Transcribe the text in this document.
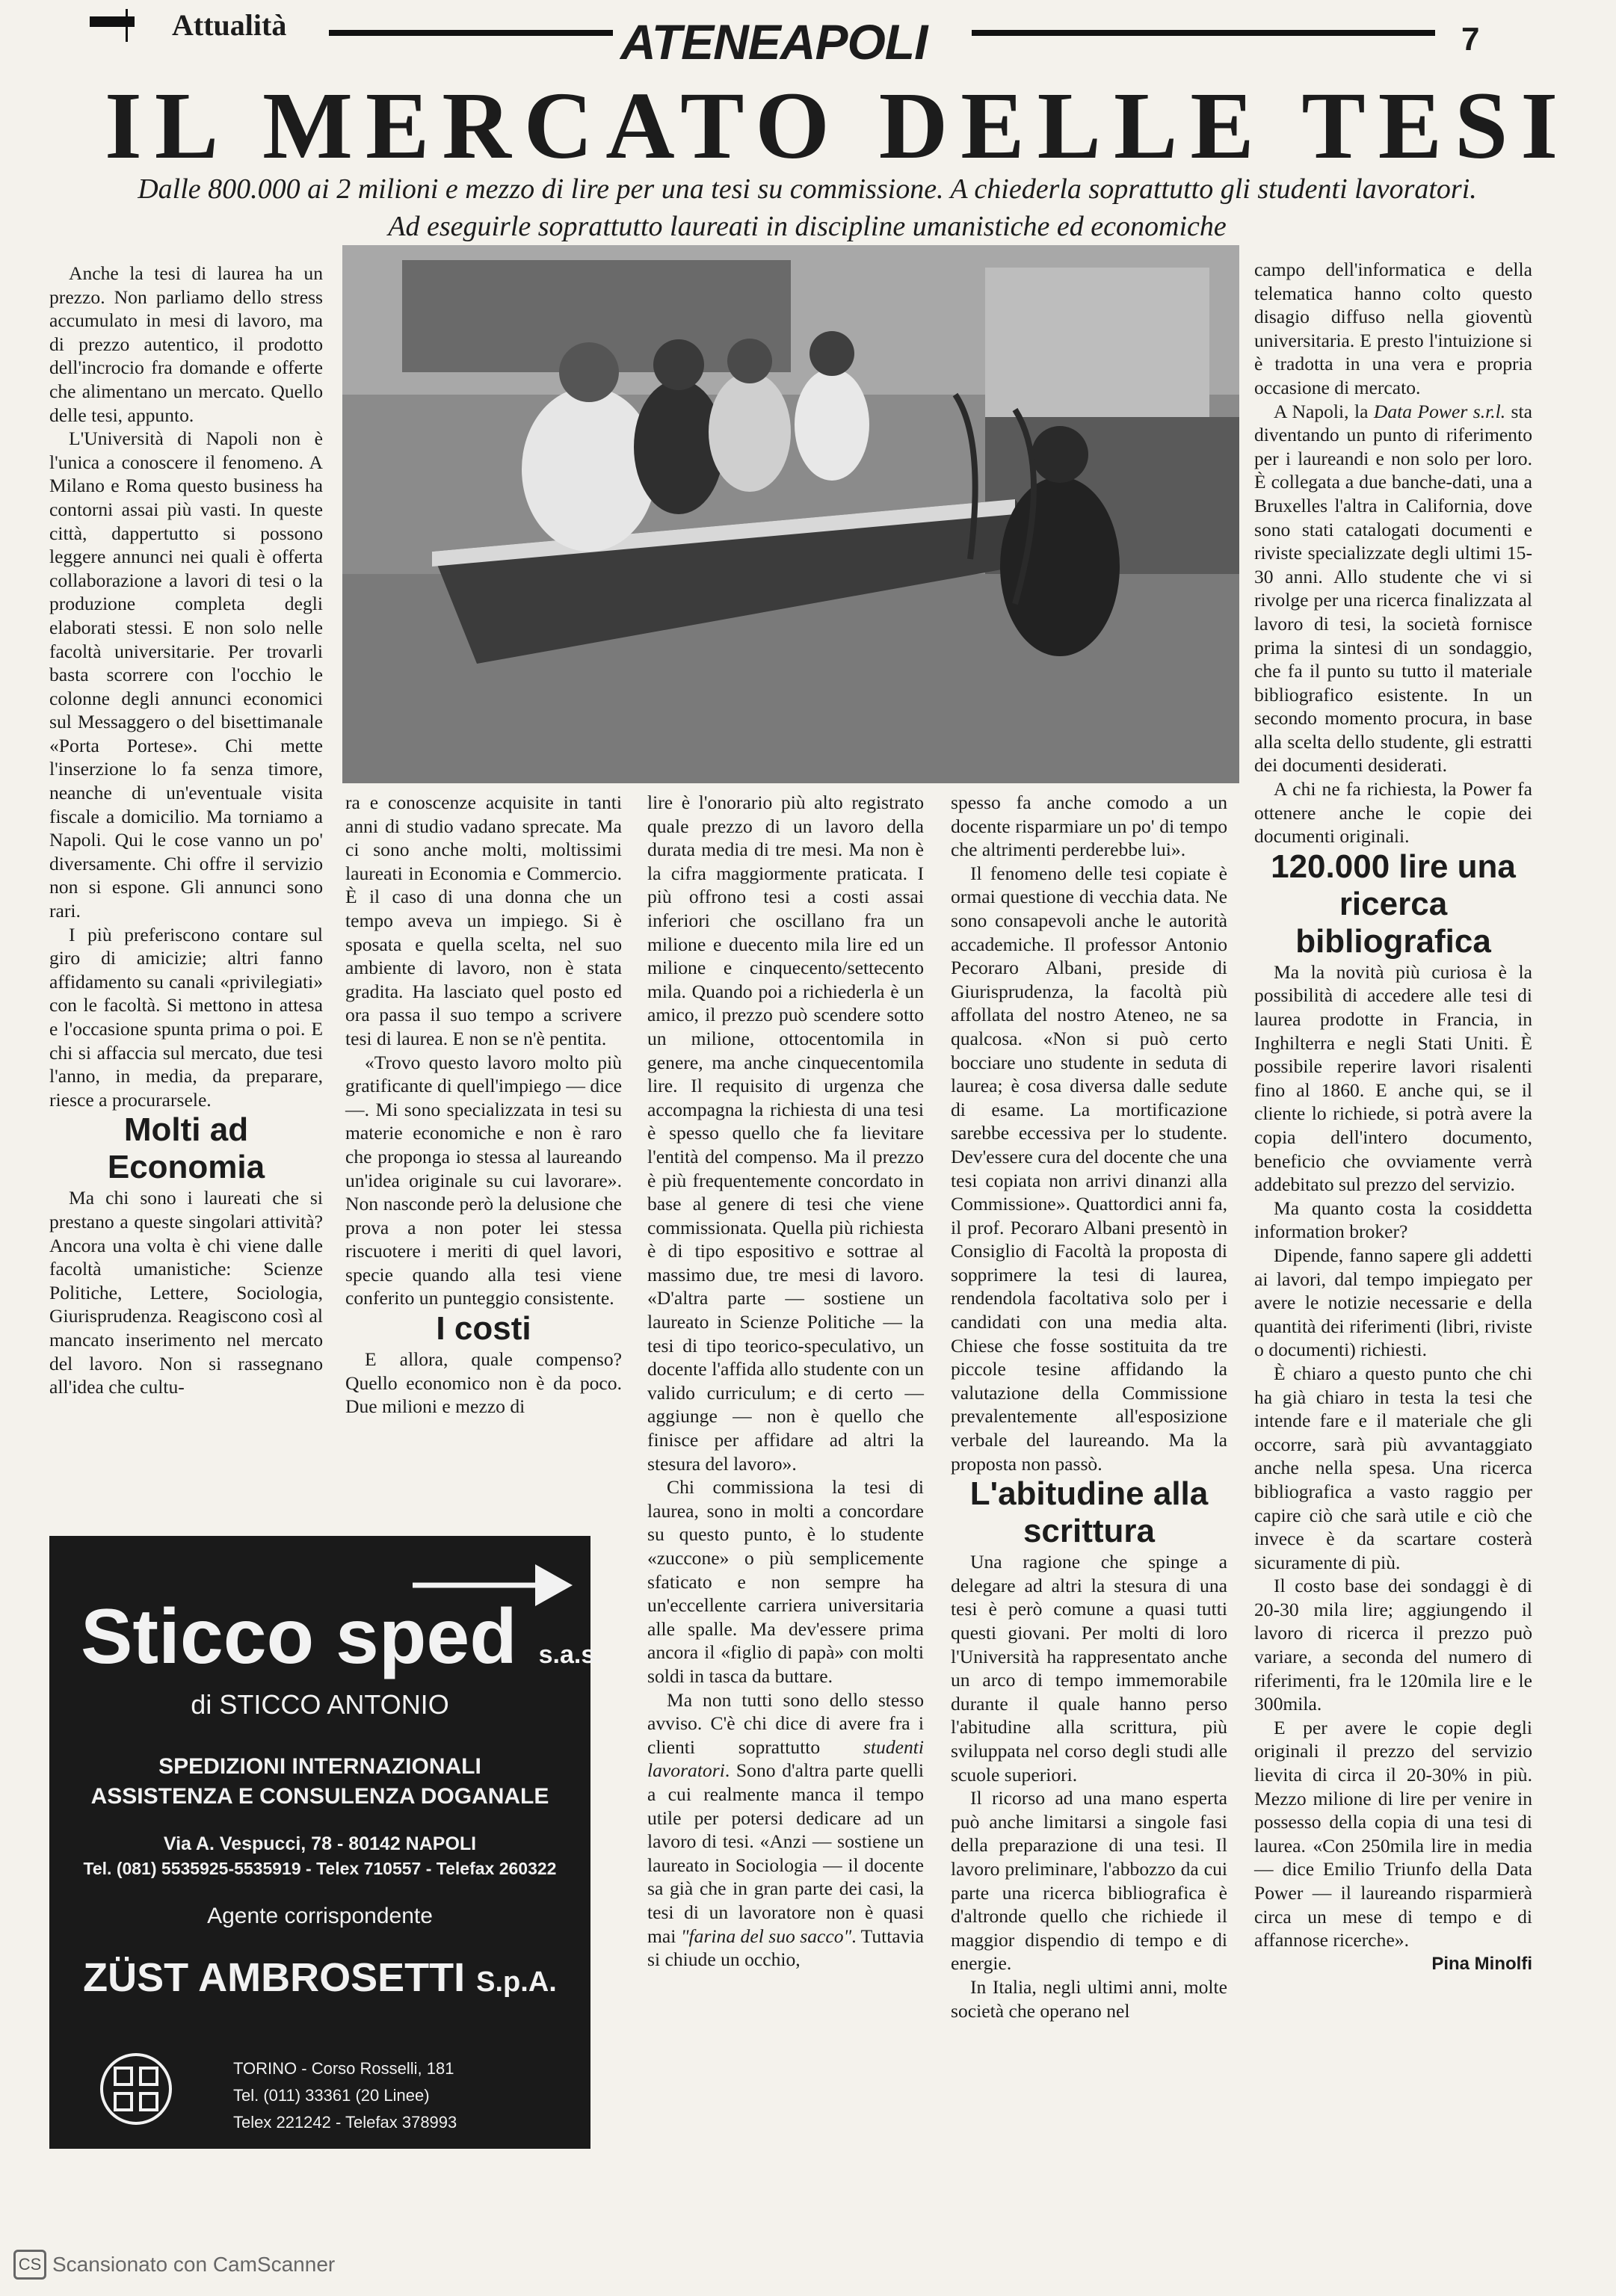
Attualità	ATENEAPOLI	7
IL MERCATO DELLE TESI
Dalle 800.000 ai 2 milioni e mezzo di lire per una tesi su commissione. A chiederla soprattutto gli studenti lavoratori. Ad eseguirle soprattutto laureati in discipline umanistiche ed economiche

Anche la tesi di laurea ha un prezzo. Non parliamo dello stress accumulato in mesi di lavoro, ma di prezzo autentico, il prodotto dell'incrocio fra domande e offerte che alimentano un mercato. Quello delle tesi, appunto.

L'Università di Napoli non è l'unica a conoscere il fenomeno. A Milano e Roma questo business ha contorni assai più vasti. In queste città, dappertutto si possono leggere annunci nei quali è offerta collaborazione a lavori di tesi o la produzione completa degli elaborati stessi. E non solo nelle facoltà universitarie. Per trovarli basta scorrere con l'occhio le colonne degli annunci economici sul Messaggero o del bisettimanale «Porta Portese». Chi mette l'inserzione lo fa senza timore, neanche di un'eventuale visita fiscale a domicilio. Ma torniamo a Napoli. Qui le cose vanno un po' diversamente. Chi offre il servizio non si espone. Gli annunci sono rari.

I più preferiscono contare sul giro di amicizie; altri fanno affidamento su canali «privilegiati» con le facoltà. Si mettono in attesa e l'occasione spunta prima o poi. E chi si affaccia sul mercato, due tesi l'anno, in media, da preparare, riesce a procurarsele.

Molti ad Economia

Ma chi sono i laureati che si prestano a queste singolari attività? Ancora una volta è chi viene dalle facoltà umanistiche: Scienze Politiche, Lettere, Sociologia, Giurisprudenza. Reagiscono così al mancato inserimento nel mercato del lavoro. Non si rassegnano all'idea che cultu-

ra e conoscenze acquisite in tanti anni di studio vadano sprecate. Ma ci sono anche molti, moltissimi laureati in Economia e Commercio. È il caso di una donna che un tempo aveva un impiego. Si è sposata e quella scelta, nel suo ambiente di lavoro, non è stata gradita. Ha lasciato quel posto ed ora passa il suo tempo a scrivere tesi di laurea. E non se n'è pentita.

«Trovo questo lavoro molto più gratificante di quell'impiego — dice —. Mi sono specializzata in tesi su materie economiche e non è raro che proponga io stessa al laureando un'idea originale su cui lavorare». Non nasconde però la delusione che prova a non poter lei stessa riscuotere i meriti di quel lavori, specie quando alla tesi viene conferito un punteggio consistente.

I costi

E allora, quale compenso? Quello economico non è da poco. Due milioni e mezzo di

lire è l'onorario più alto registrato quale prezzo di un lavoro della durata media di tre mesi. Ma non è la cifra maggiormente praticata. I più offrono tesi a costi assai inferiori che oscillano fra un milione e duecento mila lire ed un milione e cinquecento/settecento mila. Quando poi a richiederla è un amico, il prezzo può scendere sotto un milione, ottocentomila in genere, ma anche cinquecentomila lire. Il requisito di urgenza che accompagna la richiesta di una tesi è spesso quello che fa lievitare l'entità del compenso. Ma il prezzo è più frequentemente concordato in base al genere di tesi che viene commissionata. Quella più richiesta è di tipo espositivo e sottrae al massimo due, tre mesi di lavoro. «D'altra parte — sostiene un laureato in Scienze Politiche — la tesi di tipo teorico-speculativo, un docente l'affida allo studente con un valido curriculum; e di certo — aggiunge — non è quello che finisce per affidare ad altri la stesura del lavoro».

Chi commissiona la tesi di laurea, sono in molti a concordare su questo punto, è lo studente «zuccone» o più semplicemente sfaticato e non sempre ha un'eccellente carriera universitaria alle spalle. Ma dev'essere prima ancora il «figlio di papà» con molti soldi in tasca da buttare.

Ma non tutti sono dello stesso avviso. C'è chi dice di avere fra i clienti soprattutto studenti lavoratori. Sono d'altra parte quelli a cui realmente manca il tempo utile per potersi dedicare ad un lavoro di tesi. «Anzi — sostiene un laureato in Sociologia — il docente sa già che in gran parte dei casi, la tesi di un lavoratore non è quasi mai "farina del suo sacco". Tuttavia si chiude un occhio,

spesso fa anche comodo a un docente risparmiare un po' di tempo che altrimenti perderebbe lui».

Il fenomeno delle tesi copiate è ormai questione di vecchia data. Ne sono consapevoli anche le autorità accademiche. Il professor Antonio Pecoraro Albani, preside di Giurisprudenza, la facoltà più affollata del nostro Ateneo, ne sa qualcosa. «Non si può certo bocciare uno studente in seduta di laurea; è cosa diversa dalle sedute di esame. La mortificazione sarebbe eccessiva per lo studente. Dev'essere cura del docente che una tesi copiata non arrivi dinanzi alla Commissione». Quattordici anni fa, il prof. Pecoraro Albani presentò in Consiglio di Facoltà la proposta di sopprimere la tesi di laurea, rendendola facoltativa solo per i candidati con una media alta. Chiese che fosse sostituita da tre piccole tesine affidando la valutazione della Commissione prevalentemente all'esposizione verbale del laureando. Ma la proposta non passò.

L'abitudine alla scrittura

Una ragione che spinge a delegare ad altri la stesura di una tesi è però comune a quasi tutti questi giovani. Per molti di loro l'Università ha rappresentato anche un arco di tempo immemorabile durante il quale hanno perso l'abitudine alla scrittura, più sviluppata nel corso degli studi alle scuole superiori.

Il ricorso ad una mano esperta può anche limitarsi a singole fasi della preparazione di una tesi. Il lavoro preliminare, l'abbozzo da cui parte una ricerca bibliografica è d'altronde quello che richiede il maggior dispendio di tempo e di energie.

In Italia, negli ultimi anni, molte società che operano nel

campo dell'informatica e della telematica hanno colto questo disagio diffuso nella gioventù universitaria. E presto l'intuizione si è tradotta in una vera e propria occasione di mercato.

A Napoli, la Data Power s.r.l. sta diventando un punto di riferimento per i laureandi e non solo per loro. È collegata a due banche-dati, una a Bruxelles l'altra in California, dove sono stati catalogati documenti e riviste specializzate degli ultimi 15-30 anni. Allo studente che vi si rivolge per una ricerca finalizzata al lavoro di tesi, la società fornisce prima la sintesi di un sondaggio, che fa il punto su tutto il materiale bibliografico esistente. In un secondo momento procura, in base alla scelta dello studente, gli estratti dei documenti desiderati.

A chi ne fa richiesta, la Power fa ottenere anche le copie dei documenti originali.

120.000 lire una ricerca bibliografica

Ma la novità più curiosa è la possibilità di accedere alle tesi di laurea prodotte in Francia, in Inghilterra e negli Stati Uniti. È possibile reperire lavori risalenti fino al 1860. E anche qui, se il cliente lo richiede, si potrà avere la copia dell'intero documento, beneficio che ovviamente verrà addebitato sul prezzo del servizio.

Ma quanto costa la cosiddetta information broker?

Dipende, fanno sapere gli addetti ai lavori, dal tempo impiegato per avere le notizie necessarie e della quantità dei riferimenti (libri, riviste o documenti) richiesti.

È chiaro a questo punto che chi ha già chiaro in testa la tesi che intende fare e il materiale che gli occorre, sarà più avvantaggiato anche nella spesa. Una ricerca bibliografica a vasto raggio per capire ciò che sarà utile e ciò che invece è da scartare costerà sicuramente di più.

Il costo base dei sondaggi è di 20-30 mila lire; aggiungendo il lavoro di ricerca il prezzo può variare, a seconda del numero di riferimenti, fra le 120mila lire e le 300mila.

E per avere le copie degli originali il prezzo del servizio lievita di circa il 20-30% in più. Mezzo milione di lire per venire in possesso della copia di una tesi di laurea. «Con 250mila lire in media — dice Emilio Triunfo della Data Power — il laureando risparmierà circa un mese di tempo e di affannose ricerche».

Pina Minolfi

Sticco sped s.a.s.
di STICCO ANTONIO
SPEDIZIONI INTERNAZIONALI
ASSISTENZA E CONSULENZA DOGANALE
Via A. Vespucci, 78 - 80142 NAPOLI
Tel. (081) 5535925-5535919 - Telex 710557 - Telefax 260322
Agente corrispondente
ZÜST AMBROSETTI S.p.A.
TORINO - Corso Rosselli, 181
Tel. (011) 33361 (20 Linee)
Telex 221242 - Telefax 378993
CS Scansionato con CamScanner
